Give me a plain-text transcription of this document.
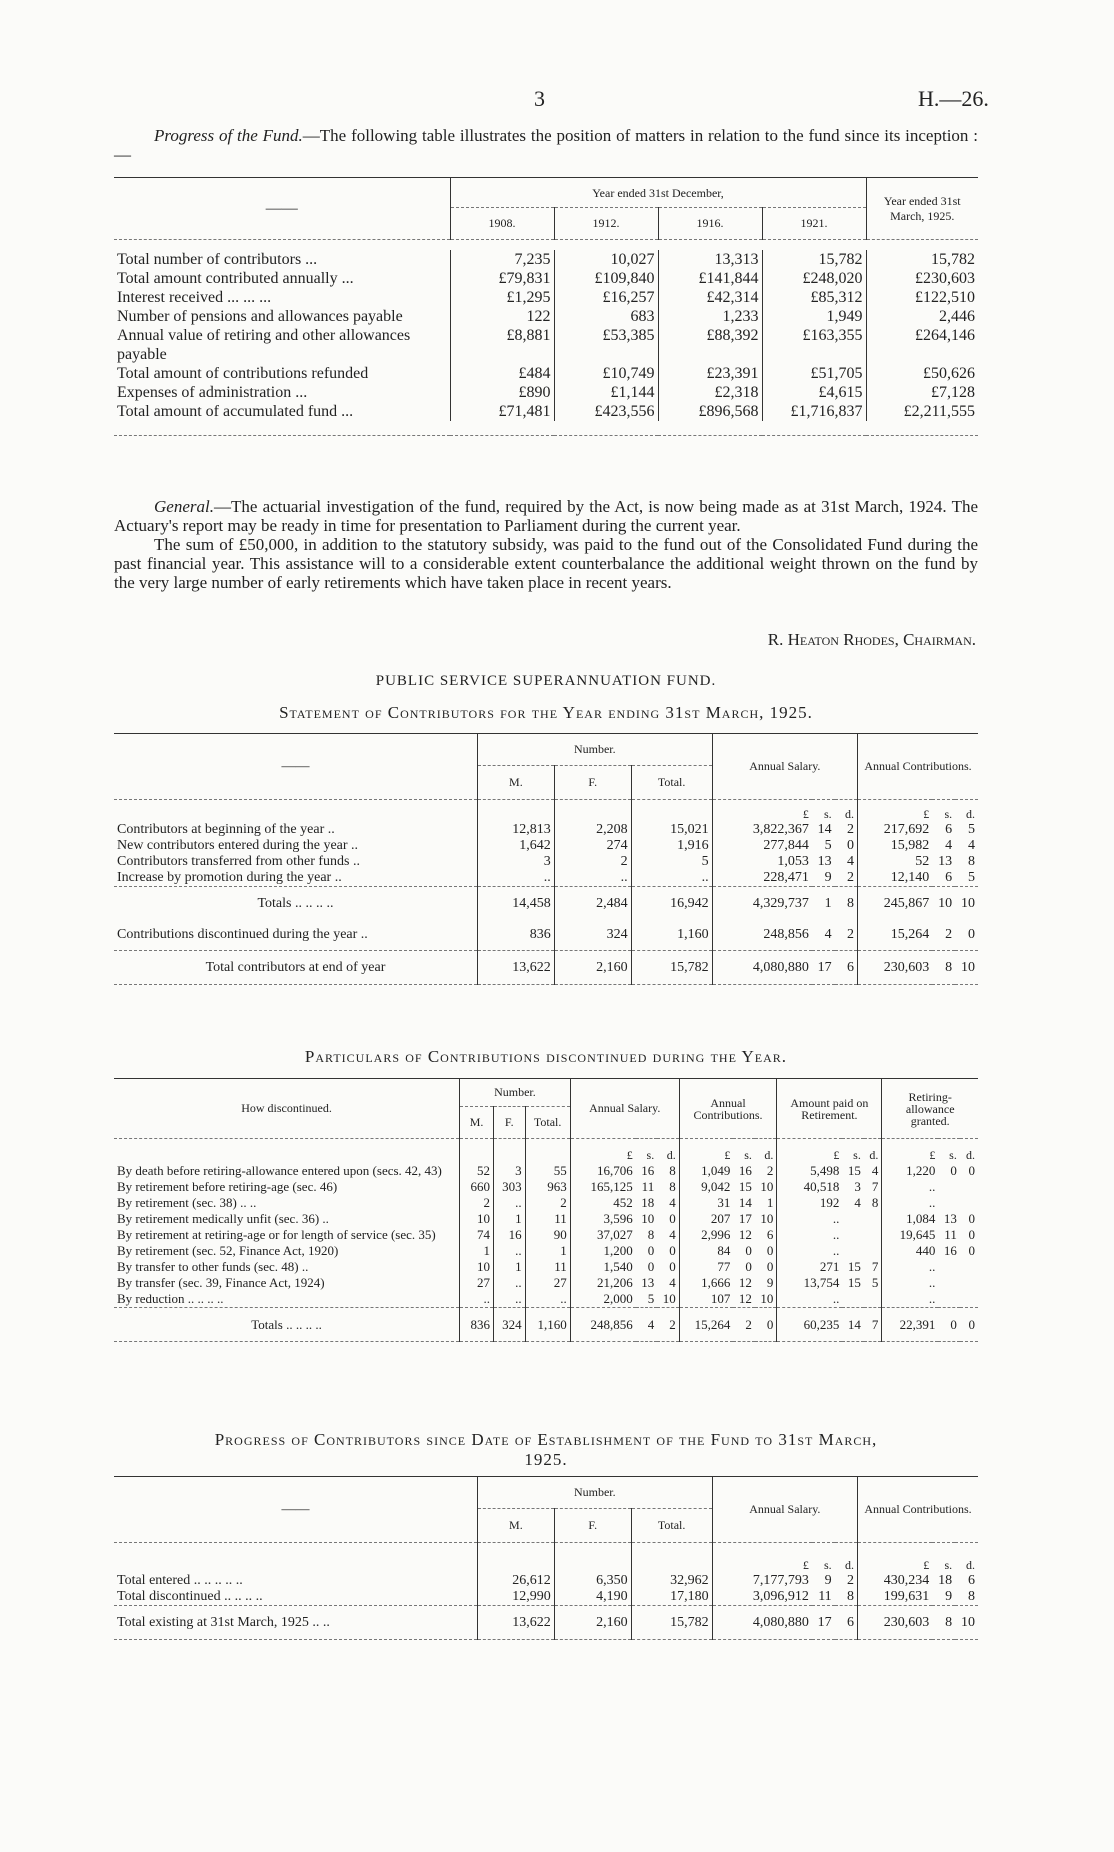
3	H.—26.

Progress of the Fund.—The following table illustrates the position of matters in relation to the fund since its inception :—

——	Year ended 31st December,				Year ended 31st March, 1925.
	1908.	1912.	1916.	1921.	

Total number of contributors ...	7,235	10,027	13,313	15,782	15,782
Total amount contributed annually ...	£79,831	£109,840	£141,844	£248,020	£230,603
Interest received ... ... ...	£1,295	£16,257	£42,314	£85,312	£122,510
Number of pensions and allowances payable	122	683	1,233	1,949	2,446
Annual value of retiring and other allowances payable	£8,881	£53,385	£88,392	£163,355	£264,146
Total amount of contributions refunded	£484	£10,749	£23,391	£51,705	£50,626
Expenses of administration ...	£890	£1,144	£2,318	£4,615	£7,128
Total amount of accumulated fund ...	£71,481	£423,556	£896,568	£1,716,837	£2,211,555

General.—The actuarial investigation of the fund, required by the Act, is now being made as at 31st March, 1924. The Actuary's report may be ready in time for presentation to Parliament during the current year.

The sum of £50,000, in addition to the statutory subsidy, was paid to the fund out of the Consolidated Fund during the past financial year. This assistance will to a considerable extent counterbalance the additional weight thrown on the fund by the very large number of early retirements which have taken place in recent years.

R. Heaton Rhodes, Chairman.
PUBLIC SERVICE SUPERANNUATION FUND.
Statement of Contributors for the Year ending 31st March, 1925.
——	Number.			Annual Salary.			Annual Contributions.		
	M.	F.	Total.						
				£	s.	d.	£	s.	d.
Contributors at beginning of the year ..	12,813	2,208	15,021	3,822,367	14	2	217,692	6	5
New contributors entered during the year ..	1,642	274	1,916	277,844	5	0	15,982	4	4
Contributors transferred from other funds ..	3	2	5	1,053	13	4	52	13	8
Increase by promotion during the year ..	..	..	..	228,471	9	2	12,140	6	5
Totals .. .. .. ..	14,458	2,484	16,942	4,329,737	1	8	245,867	10	10
Contributions discontinued during the year ..	836	324	1,160	248,856	4	2	15,264	2	0
Total contributors at end of year	13,622	2,160	15,782	4,080,880	17	6	230,603	8	10
Particulars of Contributions discontinued during the Year.
How discontinued.	Number.			Annual Salary.			Annual Contributions.			Amount paid on Retirement.			Retiring-allowance granted.		
	M.	F.	Total.												
				£	s.	d.	£	s.	d.	£	s.	d.	£	s.	d.
By death before retiring-allowance entered upon (secs. 42, 43)	52	3	55	16,706	16	8	1,049	16	2	5,498	15	4	1,220	0	0
By retirement before retiring-age (sec. 46)	660	303	963	165,125	11	8	9,042	15	10	40,518	3	7	..		
By retirement (sec. 38) .. ..	2	..	2	452	18	4	31	14	1	192	4	8	..		
By retirement medically unfit (sec. 36) ..	10	1	11	3,596	10	0	207	17	10	..			1,084	13	0
By retirement at retiring-age or for length of service (sec. 35)	74	16	90	37,027	8	4	2,996	12	6	..			19,645	11	0
By retirement (sec. 52, Finance Act, 1920)	1	..	1	1,200	0	0	84	0	0	..			440	16	0
By transfer to other funds (sec. 48) ..	10	1	11	1,540	0	0	77	0	0	271	15	7	..		
By transfer (sec. 39, Finance Act, 1924)	27	..	27	21,206	13	4	1,666	12	9	13,754	15	5	..		
By reduction .. .. .. ..	..	..	..	2,000	5	10	107	12	10	..			..		
Totals .. .. .. ..	836	324	1,160	248,856	4	2	15,264	2	0	60,235	14	7	22,391	0	0
Progress of Contributors since Date of Establishment of the Fund to 31st March, 1925.
——	Number.			Annual Salary.			Annual Contributions.		
	M.	F.	Total.						
				£	s.	d.	£	s.	d.
Total entered .. .. .. .. ..	26,612	6,350	32,962	7,177,793	9	2	430,234	18	6
Total discontinued .. .. .. ..	12,990	4,190	17,180	3,096,912	11	8	199,631	9	8
Total existing at 31st March, 1925 .. ..	13,622	2,160	15,782	4,080,880	17	6	230,603	8	10
